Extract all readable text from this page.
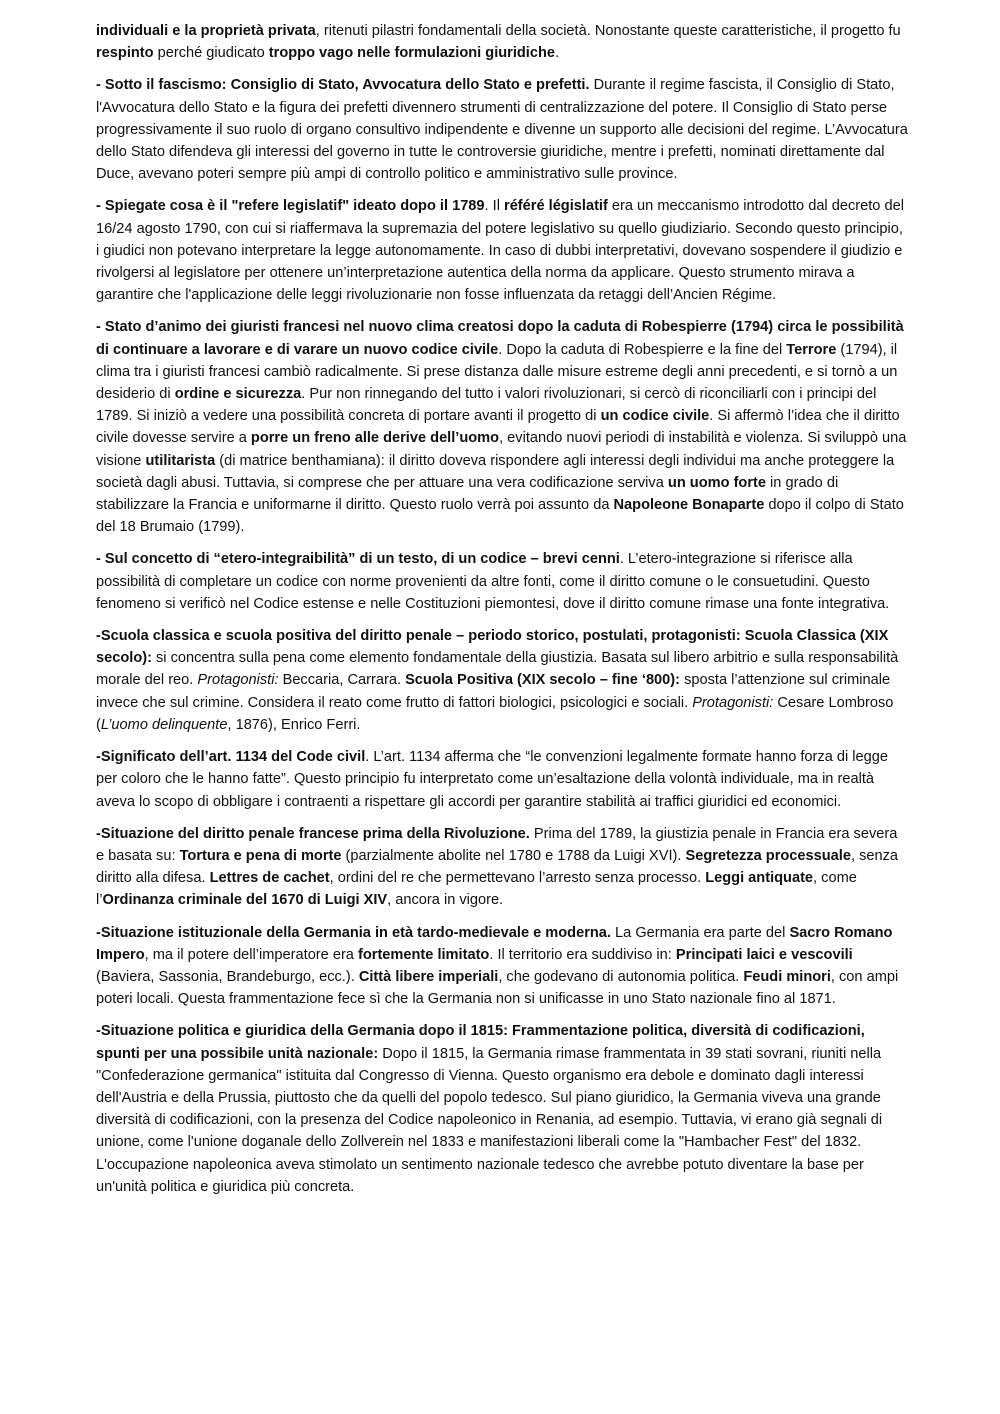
individuali e la proprietà privata, ritenuti pilastri fondamentali della società. Nonostante queste caratteristiche, il progetto fu respinto perché giudicato troppo vago nelle formulazioni giuridiche.

- Sotto il fascismo: Consiglio di Stato, Avvocatura dello Stato e prefetti. Durante il regime fascista, il Consiglio di Stato, l'Avvocatura dello Stato e la figura dei prefetti divennero strumenti di centralizzazione del potere. Il Consiglio di Stato perse progressivamente il suo ruolo di organo consultivo indipendente e divenne un supporto alle decisioni del regime. L’Avvocatura dello Stato difendeva gli interessi del governo in tutte le controversie giuridiche, mentre i prefetti, nominati direttamente dal Duce, avevano poteri sempre più ampi di controllo politico e amministrativo sulle province.

- Spiegate cosa è il "refere legislatif" ideato dopo il 1789. Il référé législatif era un meccanismo introdotto dal decreto del 16/24 agosto 1790, con cui si riaffermava la supremazia del potere legislativo su quello giudiziario. Secondo questo principio, i giudici non potevano interpretare la legge autonomamente. In caso di dubbi interpretativi, dovevano sospendere il giudizio e rivolgersi al legislatore per ottenere un’interpretazione autentica della norma da applicare. Questo strumento mirava a garantire che l'applicazione delle leggi rivoluzionarie non fosse influenzata da retaggi dell’Ancien Régime.

- Stato d’animo dei giuristi francesi nel nuovo clima creatosi dopo la caduta di Robespierre (1794) circa le possibilità di continuare a lavorare e di varare un nuovo codice civile. Dopo la caduta di Robespierre e la fine del Terrore (1794), il clima tra i giuristi francesi cambiò radicalmente. Si prese distanza dalle misure estreme degli anni precedenti, e si tornò a un desiderio di ordine e sicurezza. Pur non rinnegando del tutto i valori rivoluzionari, si cercò di riconciliarli con i principi del 1789. Si iniziò a vedere una possibilità concreta di portare avanti il progetto di un codice civile. Si affermò l’idea che il diritto civile dovesse servire a porre un freno alle derive dell’uomo, evitando nuovi periodi di instabilità e violenza. Si sviluppò una visione utilitarista (di matrice benthamiana): il diritto doveva rispondere agli interessi degli individui ma anche proteggere la società dagli abusi. Tuttavia, si comprese che per attuare una vera codificazione serviva un uomo forte in grado di stabilizzare la Francia e uniformarne il diritto. Questo ruolo verrà poi assunto da Napoleone Bonaparte dopo il colpo di Stato del 18 Brumaio (1799).

- Sul concetto di “etero-integraibilità” di un testo, di un codice – brevi cenni. L’etero-integrazione si riferisce alla possibilità di completare un codice con norme provenienti da altre fonti, come il diritto comune o le consuetudini. Questo fenomeno si verificò nel Codice estense e nelle Costituzioni piemontesi, dove il diritto comune rimase una fonte integrativa.

-Scuola classica e scuola positiva del diritto penale – periodo storico, postulati, protagonisti: Scuola Classica (XIX secolo): si concentra sulla pena come elemento fondamentale della giustizia. Basata sul libero arbitrio e sulla responsabilità morale del reo. Protagonisti: Beccaria, Carrara. Scuola Positiva (XIX secolo – fine ‘800): sposta l’attenzione sul criminale invece che sul crimine. Considera il reato come frutto di fattori biologici, psicologici e sociali. Protagonisti: Cesare Lombroso (L’uomo delinquente, 1876), Enrico Ferri.

-Significato dell’art. 1134 del Code civil. L’art. 1134 afferma che “le convenzioni legalmente formate hanno forza di legge per coloro che le hanno fatte”. Questo principio fu interpretato come un’esaltazione della volontà individuale, ma in realtà aveva lo scopo di obbligare i contraenti a rispettare gli accordi per garantire stabilità ai traffici giuridici ed economici.

-Situazione del diritto penale francese prima della Rivoluzione. Prima del 1789, la giustizia penale in Francia era severa e basata su: Tortura e pena di morte (parzialmente abolite nel 1780 e 1788 da Luigi XVI). Segretezza processuale, senza diritto alla difesa. Lettres de cachet, ordini del re che permettevano l’arresto senza processo. Leggi antiquate, come l’Ordinanza criminale del 1670 di Luigi XIV, ancora in vigore.

-Situazione istituzionale della Germania in età tardo-medievale e moderna. La Germania era parte del Sacro Romano Impero, ma il potere dell’imperatore era fortemente limitato. Il territorio era suddiviso in: Principati laici e vescovili (Baviera, Sassonia, Brandeburgo, ecc.). Città libere imperiali, che godevano di autonomia politica. Feudi minori, con ampi poteri locali. Questa frammentazione fece sì che la Germania non si unificasse in uno Stato nazionale fino al 1871.

-Situazione politica e giuridica della Germania dopo il 1815: Frammentazione politica, diversità di codificazioni, spunti per una possibile unità nazionale: Dopo il 1815, la Germania rimase frammentata in 39 stati sovrani, riuniti nella "Confederazione germanica" istituita dal Congresso di Vienna. Questo organismo era debole e dominato dagli interessi dell'Austria e della Prussia, piuttosto che da quelli del popolo tedesco. Sul piano giuridico, la Germania viveva una grande diversità di codificazioni, con la presenza del Codice napoleonico in Renania, ad esempio. Tuttavia, vi erano già segnali di unione, come l'unione doganale dello Zollverein nel 1833 e manifestazioni liberali come la "Hambacher Fest" del 1832. L'occupazione napoleonica aveva stimolato un sentimento nazionale tedesco che avrebbe potuto diventare la base per un'unità politica e giuridica più concreta.
